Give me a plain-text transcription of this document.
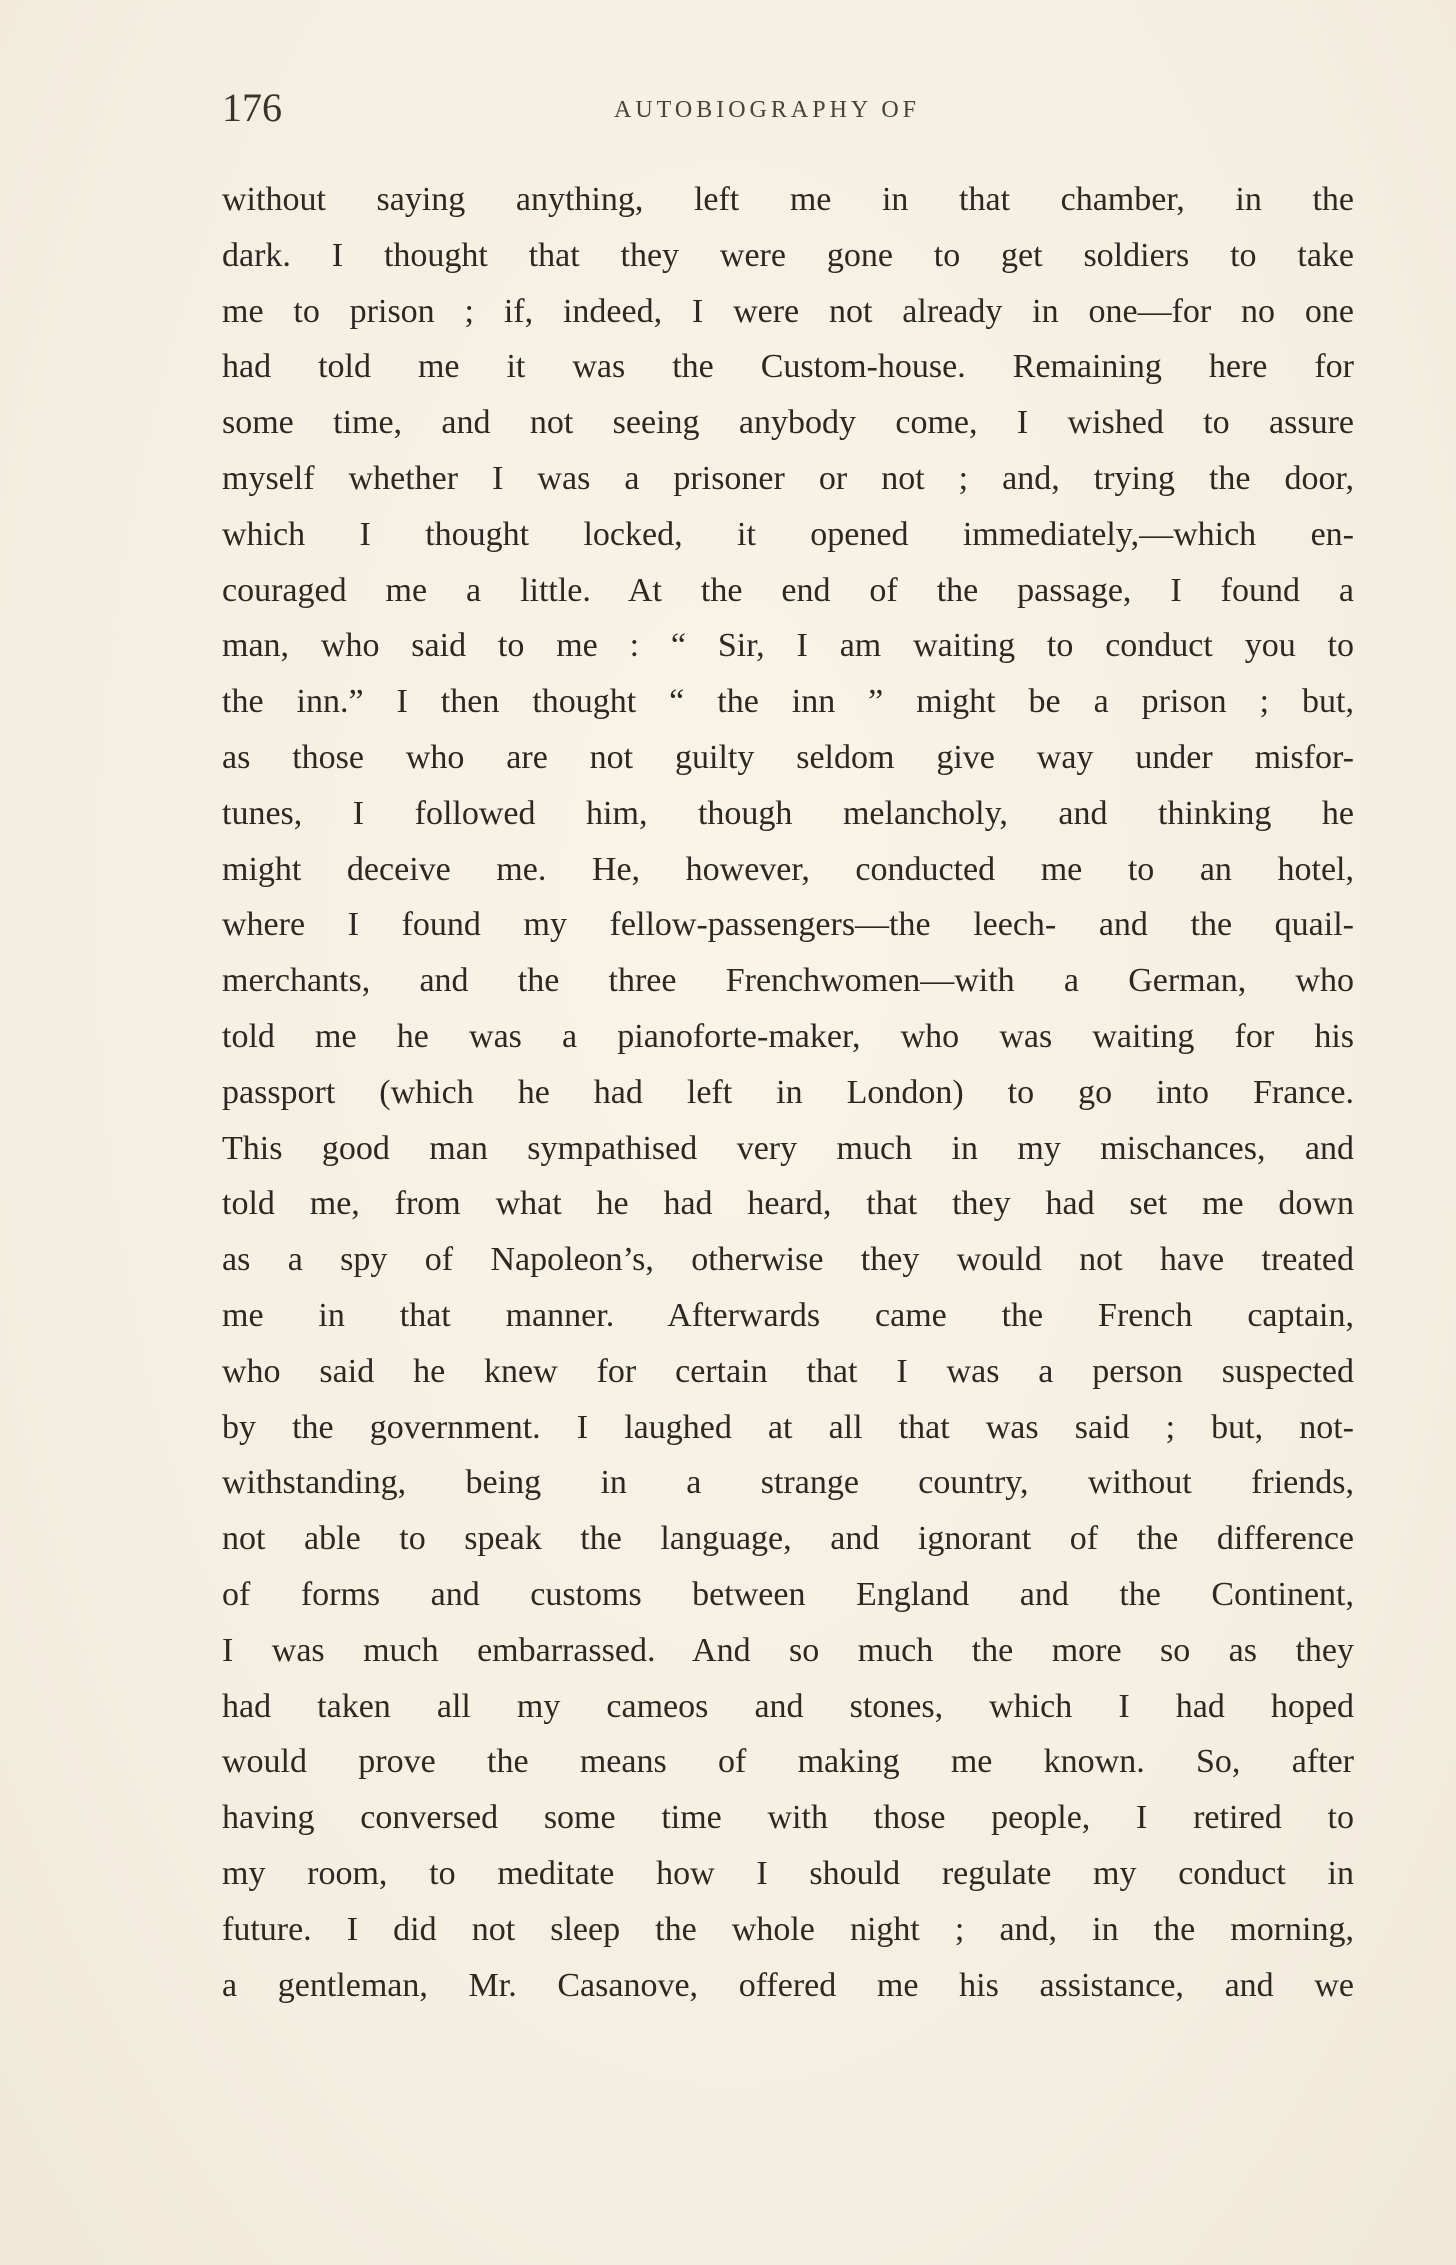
176	AUTOBIOGRAPHY OF
without saying anything, left me in that chamber, in the
dark. I thought that they were gone to get soldiers to take
me to prison ; if, indeed, I were not already in one—for no one
had told me it was the Custom-house. Remaining here for
some time, and not seeing anybody come, I wished to assure
myself whether I was a prisoner or not ; and, trying the door,
which I thought locked, it opened immediately,—which en-
couraged me a little. At the end of the passage, I found a
man, who said to me : “ Sir, I am waiting to conduct you to
the inn.” I then thought “ the inn ” might be a prison ; but,
as those who are not guilty seldom give way under misfor-
tunes, I followed him, though melancholy, and thinking he
might deceive me. He, however, conducted me to an hotel,
where I found my fellow-passengers—the leech- and the quail-
merchants, and the three Frenchwomen—with a German, who
told me he was a pianoforte-maker, who was waiting for his
passport (which he had left in London) to go into France.
This good man sympathised very much in my mischances, and
told me, from what he had heard, that they had set me down
as a spy of Napoleon’s, otherwise they would not have treated
me in that manner. Afterwards came the French captain,
who said he knew for certain that I was a person suspected
by the government. I laughed at all that was said ; but, not-
withstanding, being in a strange country, without friends,
not able to speak the language, and ignorant of the difference
of forms and customs between England and the Continent,
I was much embarrassed. And so much the more so as they
had taken all my cameos and stones, which I had hoped
would prove the means of making me known. So, after
having conversed some time with those people, I retired to
my room, to meditate how I should regulate my conduct in
future. I did not sleep the whole night ; and, in the morning,
a gentleman, Mr. Casanove, offered me his assistance, and we
